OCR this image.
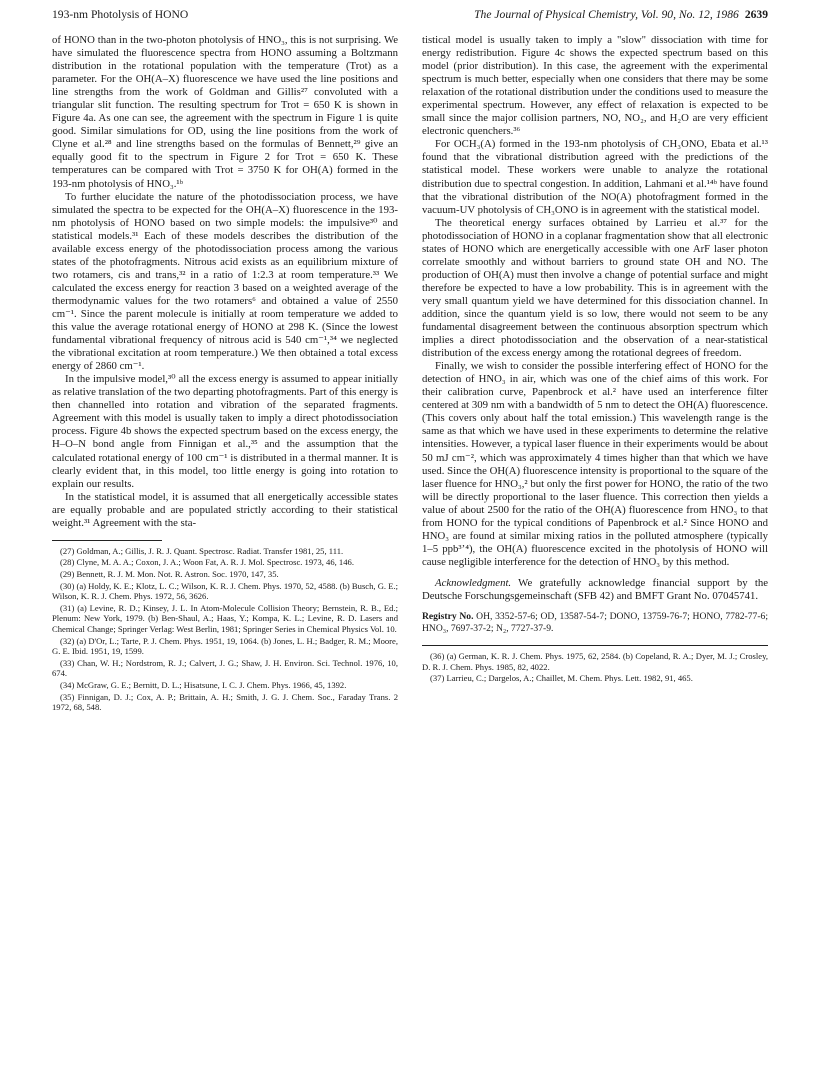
193-nm Photolysis of HONO	The Journal of Physical Chemistry, Vol. 90, No. 12, 1986 2639

of HONO than in the two-photon photolysis of HNO₃, this is not surprising. We have simulated the fluorescence spectra from HONO assuming a Boltzmann distribution in the rotational population with the temperature (Trot) as a parameter. For the OH(A–X) fluorescence we have used the line positions and line strengths from the work of Goldman and Gillis²⁷ convoluted with a triangular slit function. The resulting spectrum for Trot = 650 K is shown in Figure 4a. As one can see, the agreement with the spectrum in Figure 1 is quite good. Similar simulations for OD, using the line positions from the work of Clyne et al.²⁸ and line strengths based on the formulas of Bennett,²⁹ give an equally good fit to the spectrum in Figure 2 for Trot = 650 K. These temperatures can be compared with Trot = 3750 K for OH(A) formed in the 193-nm photolysis of HNO₃.¹ᵇ

To further elucidate the nature of the photodissociation process, we have simulated the spectra to be expected for the OH(A–X) fluorescence in the 193-nm photolysis of HONO based on two simple models: the impulsive³⁰ and statistical models.³¹ Each of these models describes the distribution of the available excess energy of the photodissociation process among the various states of the photofragments. Nitrous acid exists as an equilibrium mixture of two rotamers, cis and trans,³² in a ratio of 1:2.3 at room temperature.³³ We calculated the excess energy for reaction 3 based on a weighted average of the thermodynamic values for the two rotamers⁶ and obtained a value of 2550 cm⁻¹. Since the parent molecule is initially at room temperature we added to this value the average rotational energy of HONO at 298 K. (Since the lowest fundamental vibrational frequency of nitrous acid is 540 cm⁻¹,³⁴ we neglected the vibrational excitation at room temperature.) We then obtained a total excess energy of 2860 cm⁻¹.

In the impulsive model,³⁰ all the excess energy is assumed to appear initially as relative translation of the two departing photofragments. Part of this energy is then channelled into rotation and vibration of the separated fragments. Agreement with this model is usually taken to imply a direct photodissociation process. Figure 4b shows the expected spectrum based on the excess energy, the H–O–N bond angle from Finnigan et al.,³⁵ and the assumption that the calculated rotational energy of 100 cm⁻¹ is distributed in a thermal manner. It is clearly evident that, in this model, too little energy is going into rotation to explain our results.

In the statistical model, it is assumed that all energetically accessible states are equally probable and are populated strictly according to their statistical weight.³¹ Agreement with the sta-

(27) Goldman, A.; Gillis, J. R. J. Quant. Spectrosc. Radiat. Transfer 1981, 25, 111.
(28) Clyne, M. A. A.; Coxon, J. A.; Woon Fat, A. R. J. Mol. Spectrosc. 1973, 46, 146.
(29) Bennett, R. J. M. Mon. Not. R. Astron. Soc. 1970, 147, 35.
(30) (a) Holdy, K. E.; Klotz, L. C.; Wilson, K. R. J. Chem. Phys. 1970, 52, 4588. (b) Busch, G. E.; Wilson, K. R. J. Chem. Phys. 1972, 56, 3626.
(31) (a) Levine, R. D.; Kinsey, J. L. In Atom-Molecule Collision Theory; Bernstein, R. B., Ed.; Plenum: New York, 1979. (b) Ben-Shaul, A.; Haas, Y.; Kompa, K. L.; Levine, R. D. Lasers and Chemical Change; Springer Verlag: West Berlin, 1981; Springer Series in Chemical Physics Vol. 10.
(32) (a) D'Or, L.; Tarte, P. J. Chem. Phys. 1951, 19, 1064. (b) Jones, L. H.; Badger, R. M.; Moore, G. E. Ibid. 1951, 19, 1599.
(33) Chan, W. H.; Nordstrom, R. J.; Calvert, J. G.; Shaw, J. H. Environ. Sci. Technol. 1976, 10, 674.
(34) McGraw, G. E.; Bernitt, D. L.; Hisatsune, I. C. J. Chem. Phys. 1966, 45, 1392.
(35) Finnigan, D. J.; Cox, A. P.; Brittain, A. H.; Smith, J. G. J. Chem. Soc., Faraday Trans. 2 1972, 68, 548.

tistical model is usually taken to imply a "slow" dissociation with time for energy redistribution. Figure 4c shows the expected spectrum based on this model (prior distribution). In this case, the agreement with the experimental spectrum is much better, especially when one considers that there may be some relaxation of the rotational distribution under the conditions used to measure the experimental spectrum. However, any effect of relaxation is expected to be small since the major collision partners, NO, NO₂, and H₂O are very efficient electronic quenchers.³⁶

For OCH₃(A) formed in the 193-nm photolysis of CH₃ONO, Ebata et al.¹³ found that the vibrational distribution agreed with the predictions of the statistical model. These workers were unable to analyze the rotational distribution due to spectral congestion. In addition, Lahmani et al.¹⁴ᵇ have found that the vibrational distribution of the NO(A) photofragment formed in the vacuum-UV photolysis of CH₃ONO is in agreement with the statistical model.

The theoretical energy surfaces obtained by Larrieu et al.³⁷ for the photodissociation of HONO in a coplanar fragmentation show that all electronic states of HONO which are energetically accessible with one ArF laser photon correlate smoothly and without barriers to ground state OH and NO. The production of OH(A) must then involve a change of potential surface and might therefore be expected to have a low probability. This is in agreement with the very small quantum yield we have determined for this dissociation channel. In addition, since the quantum yield is so low, there would not seem to be any fundamental disagreement between the continuous absorption spectrum which implies a direct photodissociation and the observation of a near-statistical distribution of the excess energy among the rotational degrees of freedom.

Finally, we wish to consider the possible interfering effect of HONO for the detection of HNO₃ in air, which was one of the chief aims of this work. For their calibration curve, Papenbrock et al.² have used an interference filter centered at 309 nm with a bandwidth of 5 nm to detect the OH(A) fluorescence. (This covers only about half the total emission.) This wavelength range is the same as that which we have used in these experiments to determine the relative intensities. However, a typical laser fluence in their experiments would be about 50 mJ cm⁻², which was approximately 4 times higher than that which we have used. Since the OH(A) fluorescence intensity is proportional to the square of the laser fluence for HNO₃,² but only the first power for HONO, the ratio of the two will be directly proportional to the laser fluence. This correction then yields a value of about 2500 for the ratio of the OH(A) fluorescence from HNO₃ to that from HONO for the typical conditions of Papenbrock et al.² Since HONO and HNO₃ are found at similar mixing ratios in the polluted atmosphere (typically 1–5 ppb³ʼ⁴), the OH(A) fluorescence excited in the photolysis of HONO will cause negligible interference for the detection of HNO₃ by this method.

Acknowledgment. We gratefully acknowledge financial support by the Deutsche Forschungsgemeinschaft (SFB 42) and BMFT Grant No. 07045741.

Registry No. OH, 3352-57-6; OD, 13587-54-7; DONO, 13759-76-7; HONO, 7782-77-6; HNO₃, 7697-37-2; N₂, 7727-37-9.
(36) (a) German, K. R. J. Chem. Phys. 1975, 62, 2584. (b) Copeland, R. A.; Dyer, M. J.; Crosley, D. R. J. Chem. Phys. 1985, 82, 4022.
(37) Larrieu, C.; Dargelos, A.; Chaillet, M. Chem. Phys. Lett. 1982, 91, 465.
